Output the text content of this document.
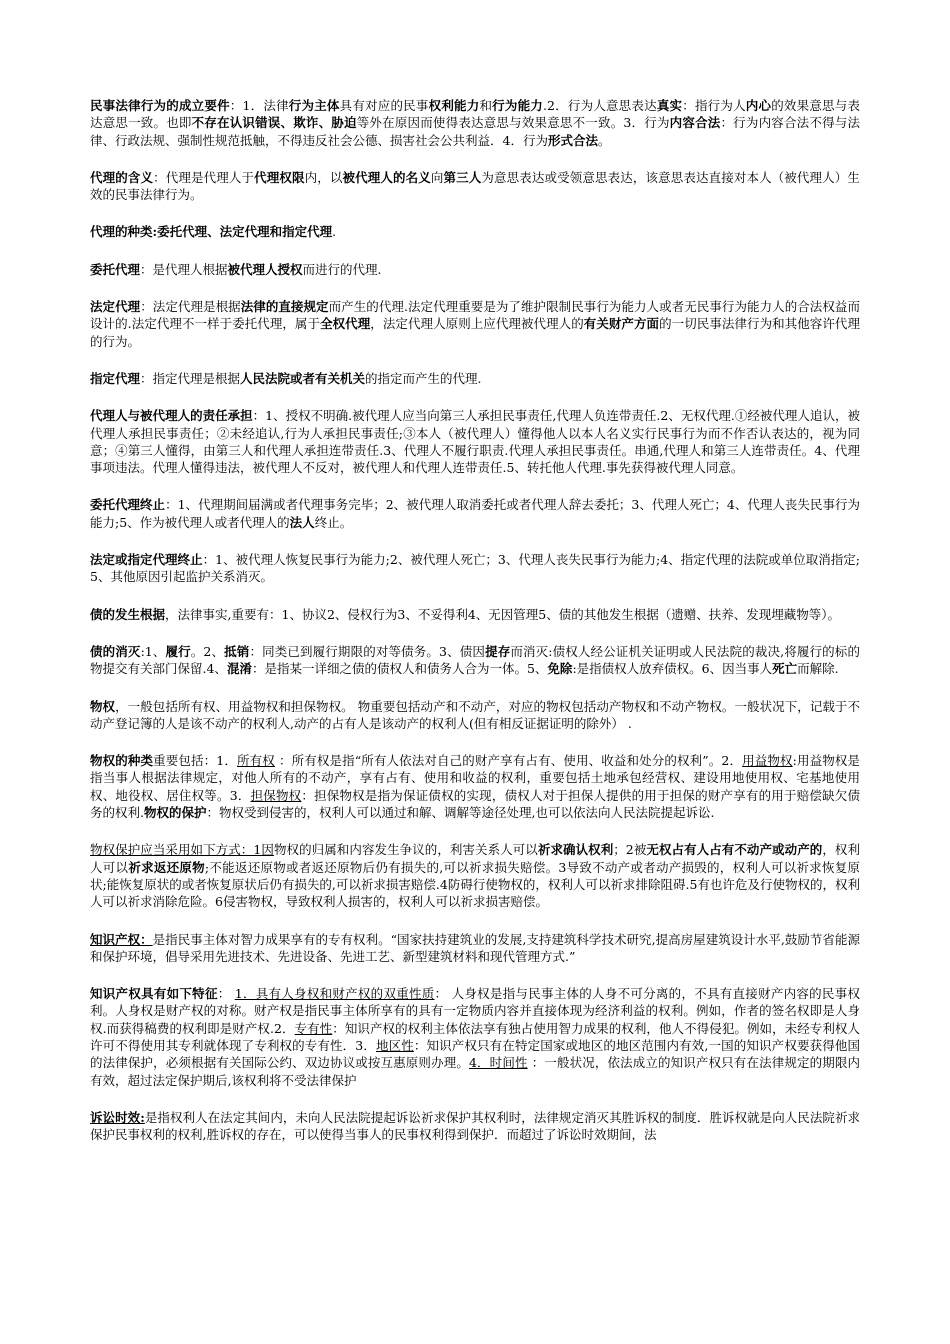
民事法律行为的成立要件：1．法律行为主体具有对应的民事权利能力和行为能力.2．行为人意思表达真实：指行为人内心的效果意思与表达意思一致。也即不存在认识错误、欺诈、胁迫等外在原因而使得表达意思与效果意思不一致。3．行为内容合法：行为内容合法不得与法律、行政法规、强制性规范抵触，不得违反社会公德、损害社会公共利益．4．行为形式合法。

代理的含义：代理是代理人于代理权限内，以被代理人的名义向第三人为意思表达或受领意思表达，该意思表达直接对本人（被代理人）生效的民事法律行为。

代理的种类:委托代理、法定代理和指定代理.

委托代理：是代理人根据被代理人授权而进行的代理.

法定代理：法定代理是根据法律的直接规定而产生的代理.法定代理重要是为了维护限制民事行为能力人或者无民事行为能力人的合法权益而设计的.法定代理不一样于委托代理，属于全权代理，法定代理人原则上应代理被代理人的有关财产方面的一切民事法律行为和其他容许代理的行为。

指定代理：指定代理是根据人民法院或者有关机关的指定而产生的代理.

代理人与被代理人的责任承担：1、授权不明确.被代理人应当向第三人承担民事责任,代理人负连带责任.2、无权代理.①经被代理人追认，被代理人承担民事责任；②未经追认,行为人承担民事责任;③本人（被代理人）懂得他人以本人名义实行民事行为而不作否认表达的，视为同意；④第三人懂得，由第三人和代理人承担连带责任.3、代理人不履行职责.代理人承担民事责任。串通,代理人和第三人连带责任。4、代理事项违法。代理人懂得违法，被代理人不反对，被代理人和代理人连带责任.5、转托他人代理.事先获得被代理人同意。

委托代理终止：1、代理期间届满或者代理事务完毕；2、被代理人取消委托或者代理人辞去委托；3、代理人死亡；4、代理人丧失民事行为能力;5、作为被代理人或者代理人的法人终止。

法定或指定代理终止：1、被代理人恢复民事行为能力;2、被代理人死亡；3、代理人丧失民事行为能力;4、指定代理的法院或单位取消指定;5、其他原因引起监护关系消灭。

债的发生根据，法律事实,重要有：1、协议2、侵权行为3、不妥得利4、无因管理5、债的其他发生根据（遗赠、扶养、发现埋藏物等）。

债的消灭:1、履行。2、抵销：同类已到履行期限的对等债务。3、债因提存而消灭:债权人经公证机关证明或人民法院的裁决,将履行的标的物提交有关部门保留.4、混淆：是指某一详细之债的债权人和债务人合为一体。5、免除:是指债权人放弃债权。6、因当事人死亡而解除.

物权，一般包括所有权、用益物权和担保物权。 物重要包括动产和不动产，对应的物权包括动产物权和不动产物权。一般状况下，记载于不动产登记簿的人是该不动产的权利人,动产的占有人是该动产的权利人(但有相反证据证明的除外） .

物权的种类重要包括：1．所有权 ：所有权是指“所有人依法对自己的财产享有占有、使用、收益和处分的权利”。2．用益物权:用益物权是指当事人根据法律规定，对他人所有的不动产，享有占有、使用和收益的权利，重要包括土地承包经营权、建设用地使用权、宅基地使用权、地役权、居住权等。3．担保物权：担保物权是指为保证债权的实现，债权人对于担保人提供的用于担保的财产享有的用于赔偿缺欠债务的权利.物权的保护：物权受到侵害的，权利人可以通过和解、调解等途径处理,也可以依法向人民法院提起诉讼.

物权保护应当采用如下方式：1因物权的归属和内容发生争议的，利害关系人可以祈求确认权利；2被无权占有人占有不动产或动产的，权利人可以祈求返还原物;不能返还原物或者返还原物后仍有损失的,可以祈求损失赔偿。3导致不动产或者动产损毁的，权利人可以祈求恢复原状;能恢复原状的或者恢复原状后仍有损失的,可以祈求损害赔偿.4防碍行使物权的，权利人可以祈求排除阻碍.5有也许危及行使物权的，权利人可以祈求消除危险。6侵害物权，导致权利人损害的，权利人可以祈求损害赔偿。

知识产权：是指民事主体对智力成果享有的专有权利。“国家扶持建筑业的发展,支持建筑科学技术研究,提高房屋建筑设计水平,鼓励节省能源和保护环境，倡导采用先进技术、先进设备、先进工艺、新型建筑材料和现代管理方式.”

知识产权具有如下特征： 1．具有人身权和财产权的双重性质： 人身权是指与民事主体的人身不可分离的，不具有直接财产内容的民事权利。人身权是财产权的对称。财产权是指民事主体所享有的具有一定物质内容并直接体现为经济利益的权利。例如，作者的签名权即是人身权.而获得稿费的权利即是财产权.2．专有性：知识产权的权利主体依法享有独占使用智力成果的权利，他人不得侵犯。例如，未经专利权人许可不得使用其专利就体现了专利权的专有性．3．地区性：知识产权只有在特定国家或地区的地区范围内有效,一国的知识产权要获得他国的法律保护，必须根据有关国际公约、双边协议或按互惠原则办理。4．时间性 ：一般状况，依法成立的知识产权只有在法律规定的期限内有效，超过法定保护期后,该权利将不受法律保护

诉讼时效:是指权利人在法定其间内，未向人民法院提起诉讼祈求保护其权利时，法律规定消灭其胜诉权的制度．胜诉权就是向人民法院祈求保护民事权利的权利,胜诉权的存在，可以使得当事人的民事权利得到保护．而超过了诉讼时效期间，法
